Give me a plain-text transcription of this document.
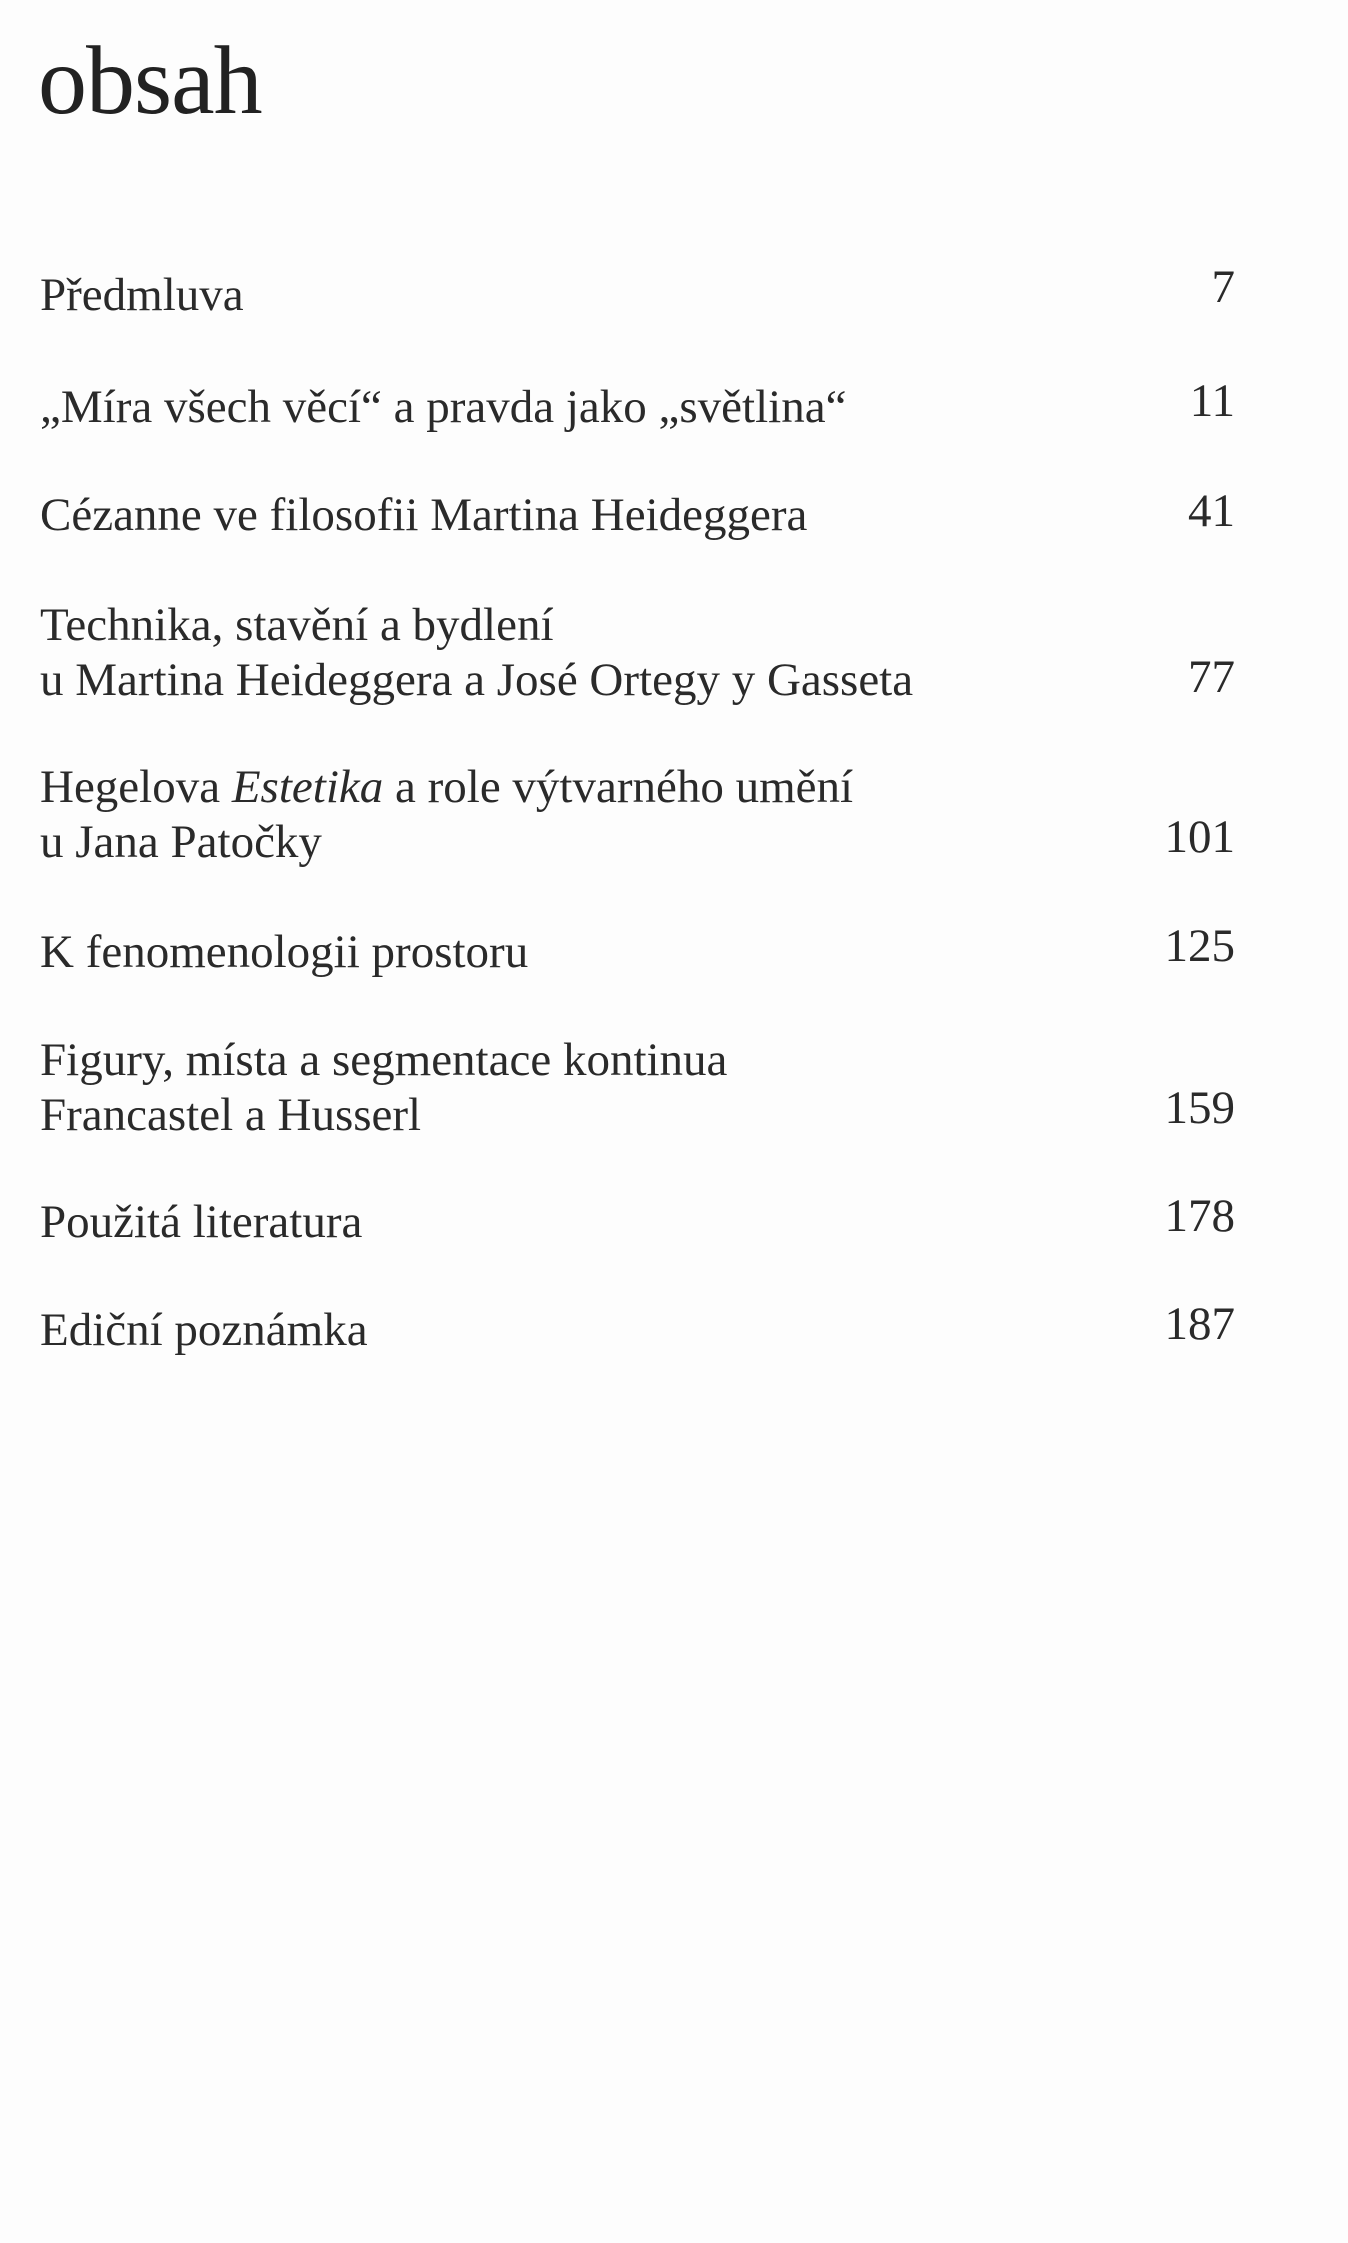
obsah
Předmluva	7
„Míra všech věcí“ a pravda jako „světlina“	11
Cézanne ve filosofii Martina Heideggera	41
Technika, stavění a bydlení
u Martina Heideggera a José Ortegy y Gasseta	77
Hegelova Estetika a role výtvarného umění
u Jana Patočky	101
K fenomenologii prostoru	125
Figury, místa a segmentace kontinua
Francastel a Husserl	159
Použitá literatura	178
Ediční poznámka	187
